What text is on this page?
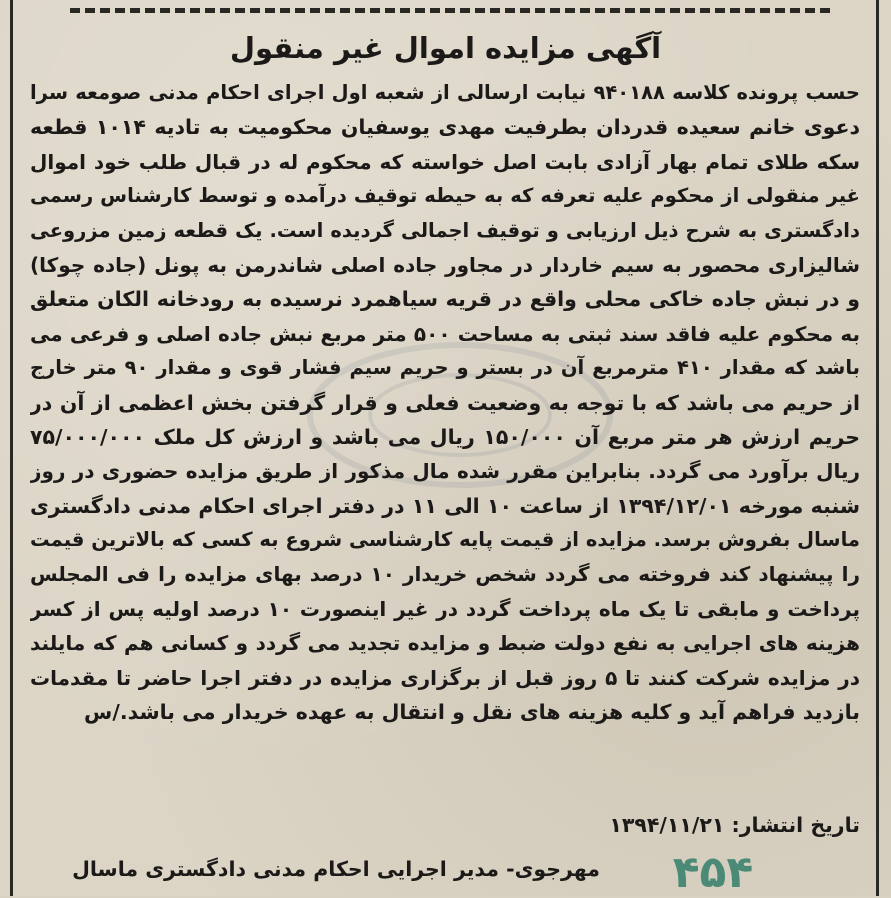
آگهی مزایده اموال غیر منقول
حسب پرونده کلاسه ۹۴۰۱۸۸ نیابت ارسالی از شعبه اول اجرای احکام مدنی صومعه سرا
دعوی خانم سعیده قدردان بطرفیت مهدی یوسفیان محکومیت به تادیه ۱۰۱۴ قطعه
سکه طلای تمام بهار آزادی بابت اصل خواسته که محکوم له در قبال طلب خود اموال
غیر منقولی از محکوم علیه تعرفه که به حیطه توقیف درآمده و توسط کارشناس رسمی
دادگستری به شرح ذیل ارزیابی و توقیف اجمالی گردیده است. یک قطعه زمین مزروعی
شالیزاری محصور به سیم خاردار در مجاور جاده اصلی شاندرمن به پونل (جاده چوکا)
و در نبش جاده خاکی محلی واقع در قریه سیاهمرد نرسیده به رودخانه الکان متعلق
به محکوم علیه فاقد سند ثبتی به مساحت ۵۰۰ متر مربع نبش جاده اصلی و فرعی می
باشد که مقدار ۴۱۰ مترمربع آن در بستر و حریم سیم فشار قوی و مقدار ۹۰ متر خارج
از حریم می باشد که با توجه به وضعیت فعلی و قرار گرفتن بخش اعظمی از آن در
حریم ارزش هر متر مربع آن ۱۵۰/۰۰۰ ریال می باشد و ارزش کل ملک ۷۵/۰۰۰/۰۰۰
ریال برآورد می گردد. بنابراین مقرر شده مال مذکور از طریق مزایده حضوری در روز
شنبه مورخه ۱۳۹۴/۱۲/۰۱ از ساعت ۱۰ الی ۱۱ در دفتر اجرای احکام مدنی دادگستری
ماسال بفروش برسد. مزایده از قیمت پایه کارشناسی شروع به کسی که بالاترین قیمت
را پیشنهاد کند فروخته می گردد شخص خریدار ۱۰ درصد بهای مزایده را فی المجلس
پرداخت و مابقی تا یک ماه پرداخت گردد در غیر اینصورت ۱۰ درصد اولیه پس از کسر
هزینه های اجرایی به نفع دولت ضبط و مزایده تجدید می گردد و کسانی هم که مایلند
در مزایده شرکت کنند تا ۵ روز قبل از برگزاری مزایده در دفتر اجرا حاضر تا مقدمات
بازدید فراهم آید و کلیه هزینه های نقل و انتقال به عهده خریدار می باشد./س
تاریخ انتشار: ۱۳۹۴/۱۱/۲۱
مهرجوی- مدیر اجرایی احکام مدنی دادگستری ماسال	۴۵۴
